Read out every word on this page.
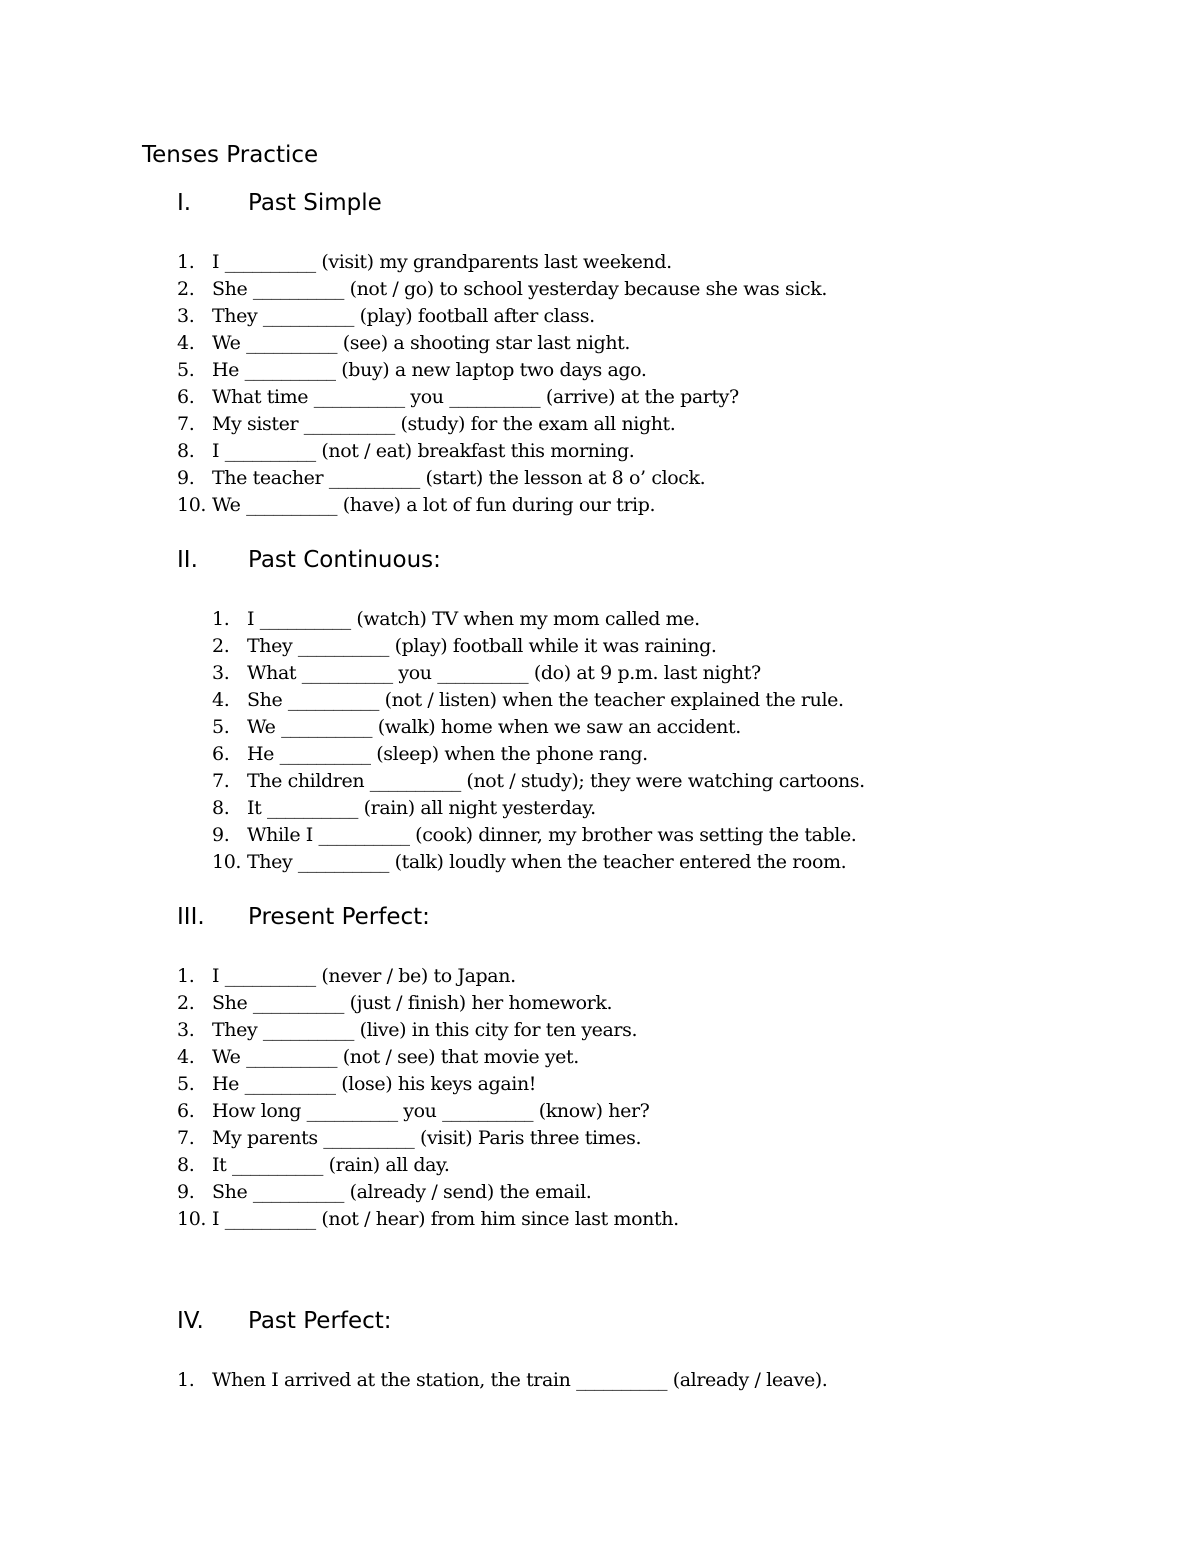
Tenses Practice
I. Past Simple
1. I __________ (visit) my grandparents last weekend.
2. She __________ (not / go) to school yesterday because she was sick.
3. They __________ (play) football after class.
4. We __________ (see) a shooting star last night.
5. He __________ (buy) a new laptop two days ago.
6. What time __________ you __________ (arrive) at the party?
7. My sister __________ (study) for the exam all night.
8. I __________ (not / eat) breakfast this morning.
9. The teacher __________ (start) the lesson at 8 o’ clock.
10. We __________ (have) a lot of fun during our trip.
II. Past Continuous:
1. I __________ (watch) TV when my mom called me.
2. They __________ (play) football while it was raining.
3. What __________ you __________ (do) at 9 p.m. last night?
4. She __________ (not / listen) when the teacher explained the rule.
5. We __________ (walk) home when we saw an accident.
6. He __________ (sleep) when the phone rang.
7. The children __________ (not / study); they were watching cartoons.
8. It __________ (rain) all night yesterday.
9. While I __________ (cook) dinner, my brother was setting the table.
10. They __________ (talk) loudly when the teacher entered the room.
III. Present Perfect:
1. I __________ (never / be) to Japan.
2. She __________ (just / finish) her homework.
3. They __________ (live) in this city for ten years.
4. We __________ (not / see) that movie yet.
5. He __________ (lose) his keys again!
6. How long __________ you __________ (know) her?
7. My parents __________ (visit) Paris three times.
8. It __________ (rain) all day.
9. She __________ (already / send) the email.
10. I __________ (not / hear) from him since last month.
IV. Past Perfect:
1. When I arrived at the station, the train __________ (already / leave).
